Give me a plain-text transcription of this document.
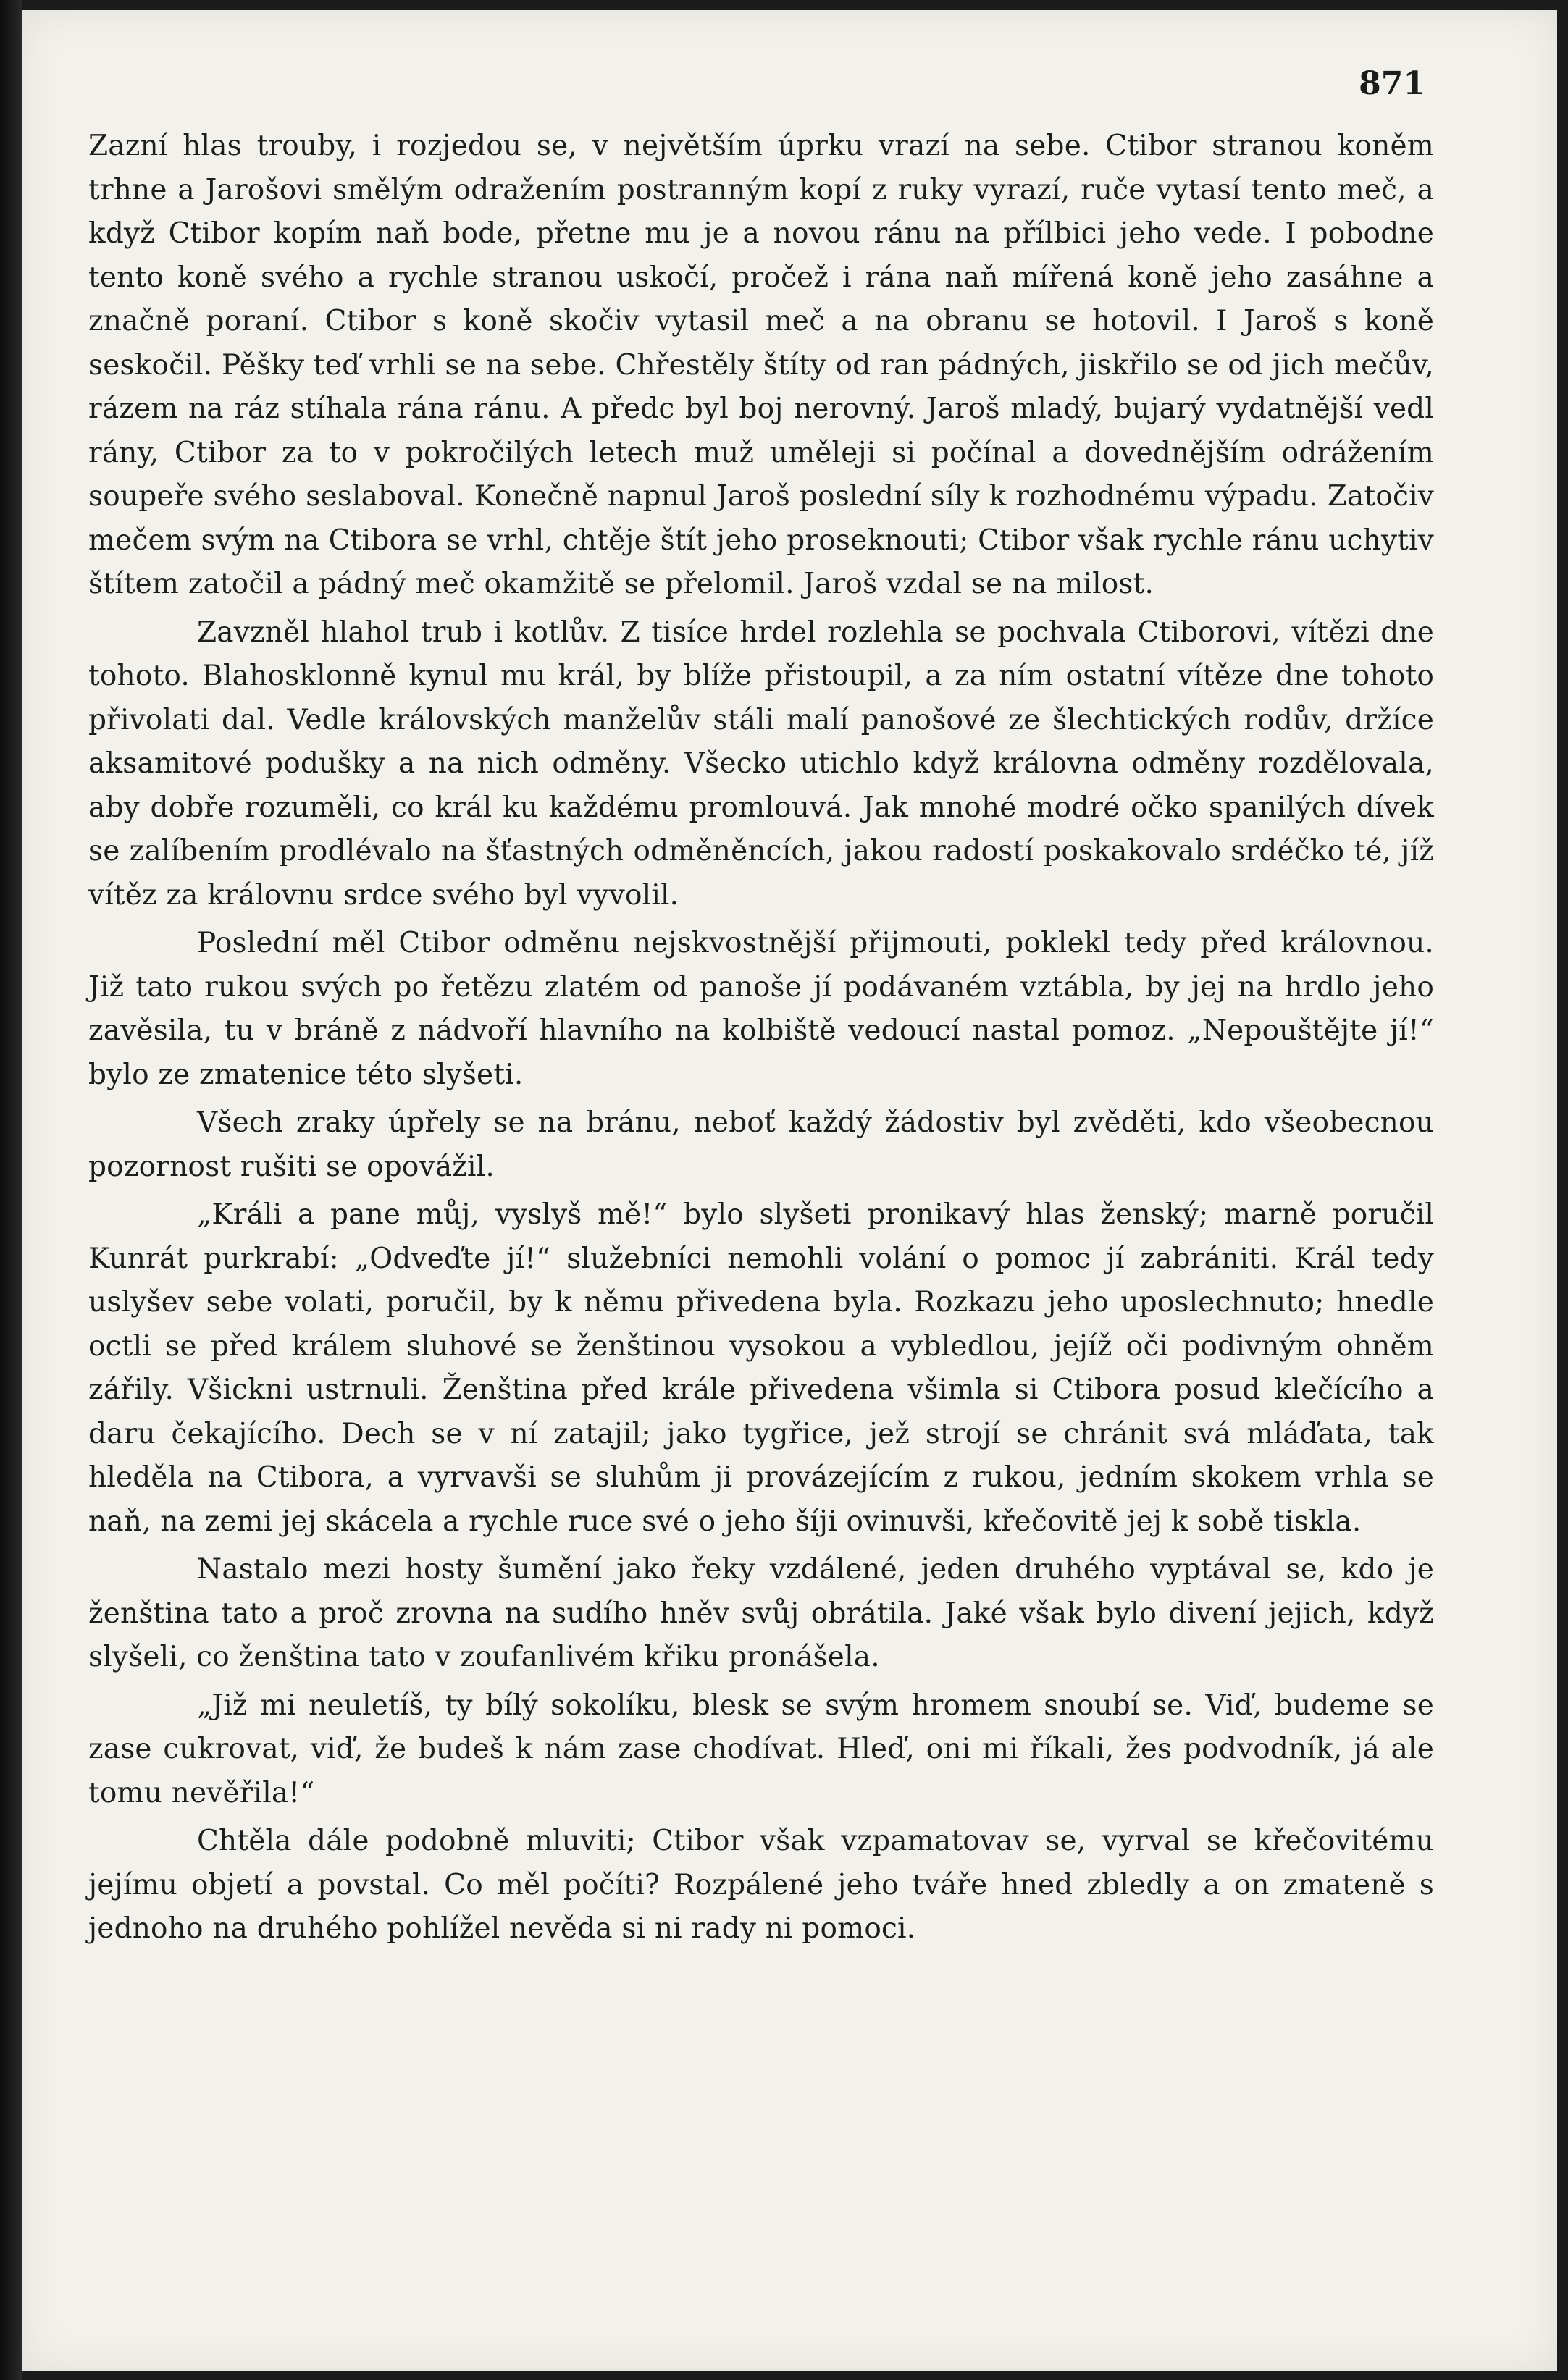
871

Zazní hlas trouby, i rozjedou se, v největším úprku vrazí na sebe. Ctibor stranou koněm trhne a Jarošovi smělým odražením postranným kopí z ruky vyrazí, ruče vytasí tento meč, a když Ctibor kopím naň bode, přetne mu je a novou ránu na přílbici jeho vede. I pobodne tento koně svého a rychle stranou uskočí, pročež i rána naň mířená koně jeho zasáhne a značně poraní. Ctibor s koně skočiv vytasil meč a na obranu se hotovil. I Jaroš s koně seskočil. Pěšky teď vrhli se na sebe. Chřestěly štíty od ran pádných, jiskřilo se od jich mečův, rázem na ráz stíhala rána ránu. A předc byl boj nerovný. Jaroš mladý, bujarý vydatnější vedl rány, Ctibor za to v pokročilých letech muž uměleji si počínal a dovednějším odrážením soupeře svého seslaboval. Konečně napnul Jaroš poslední síly k rozhodnému výpadu. Zatočiv mečem svým na Ctibora se vrhl, chtěje štít jeho proseknouti; Ctibor však rychle ránu uchytiv štítem zatočil a pádný meč okamžitě se přelomil. Jaroš vzdal se na milost.

Zavzněl hlahol trub i kotlův. Z tisíce hrdel rozlehla se pochvala Ctiborovi, vítězi dne tohoto. Blahosklonně kynul mu král, by blíže přistoupil, a za ním ostatní vítěze dne tohoto přivolati dal. Vedle královských manželův stáli malí panošové ze šlechtických rodův, držíce aksamitové podušky a na nich odměny. Všecko utichlo když královna odměny rozdělovala, aby dobře rozuměli, co král ku každému promlouvá. Jak mnohé modré očko spanilých dívek se zalíbením prodlévalo na šťastných odměněncích, jakou radostí poskakovalo srdéčko té, jíž vítěz za královnu srdce svého byl vyvolil.

Poslední měl Ctibor odměnu nejskvostnější přijmouti, poklekl tedy před královnou. Již tato rukou svých po řetězu zlatém od panoše jí podávaném vztábla, by jej na hrdlo jeho zavěsila, tu v bráně z nádvoří hlavního na kolbiště vedoucí nastal pomoz. „Nepouštějte jí!“ bylo ze zmatenice této slyšeti.

Všech zraky úpřely se na bránu, neboť každý žádostiv byl zvěděti, kdo všeobecnou pozornost rušiti se opovážil.

„Králi a pane můj, vyslyš mě!“ bylo slyšeti pronikavý hlas ženský; marně poručil Kunrát purkrabí: „Odveďte jí!“ služebníci nemohli volání o pomoc jí zabrániti. Král tedy uslyšev sebe volati, poručil, by k němu přivedena byla. Rozkazu jeho uposlechnuto; hnedle octli se před králem sluhové se ženštinou vysokou a vybledlou, jejíž oči podivným ohněm zářily. Všickni ustrnuli. Ženština před krále přivedena všimla si Ctibora posud klečícího a daru čekajícího. Dech se v ní zatajil; jako tygřice, jež strojí se chránit svá mláďata, tak hleděla na Ctibora, a vyrvavši se sluhům ji provázejícím z rukou, jedním skokem vrhla se naň, na zemi jej skácela a rychle ruce své o jeho šíji ovinuvši, křečovitě jej k sobě tiskla.

Nastalo mezi hosty šumění jako řeky vzdálené, jeden druhého vyptával se, kdo je ženština tato a proč zrovna na sudího hněv svůj obrátila. Jaké však bylo divení jejich, když slyšeli, co ženština tato v zoufanlivém křiku pronášela.

„Již mi neuletíš, ty bílý sokolíku, blesk se svým hromem snoubí se. Viď, budeme se zase cukrovat, viď, že budeš k nám zase chodívat. Hleď, oni mi říkali, žes podvodník, já ale tomu nevěřila!“

Chtěla dále podobně mluviti; Ctibor však vzpamatovav se, vyrval se křečovitému jejímu objetí a povstal. Co měl počíti? Rozpálené jeho tváře hned zbledly a on zmateně s jednoho na druhého pohlížel nevěda si ni rady ni pomoci.
